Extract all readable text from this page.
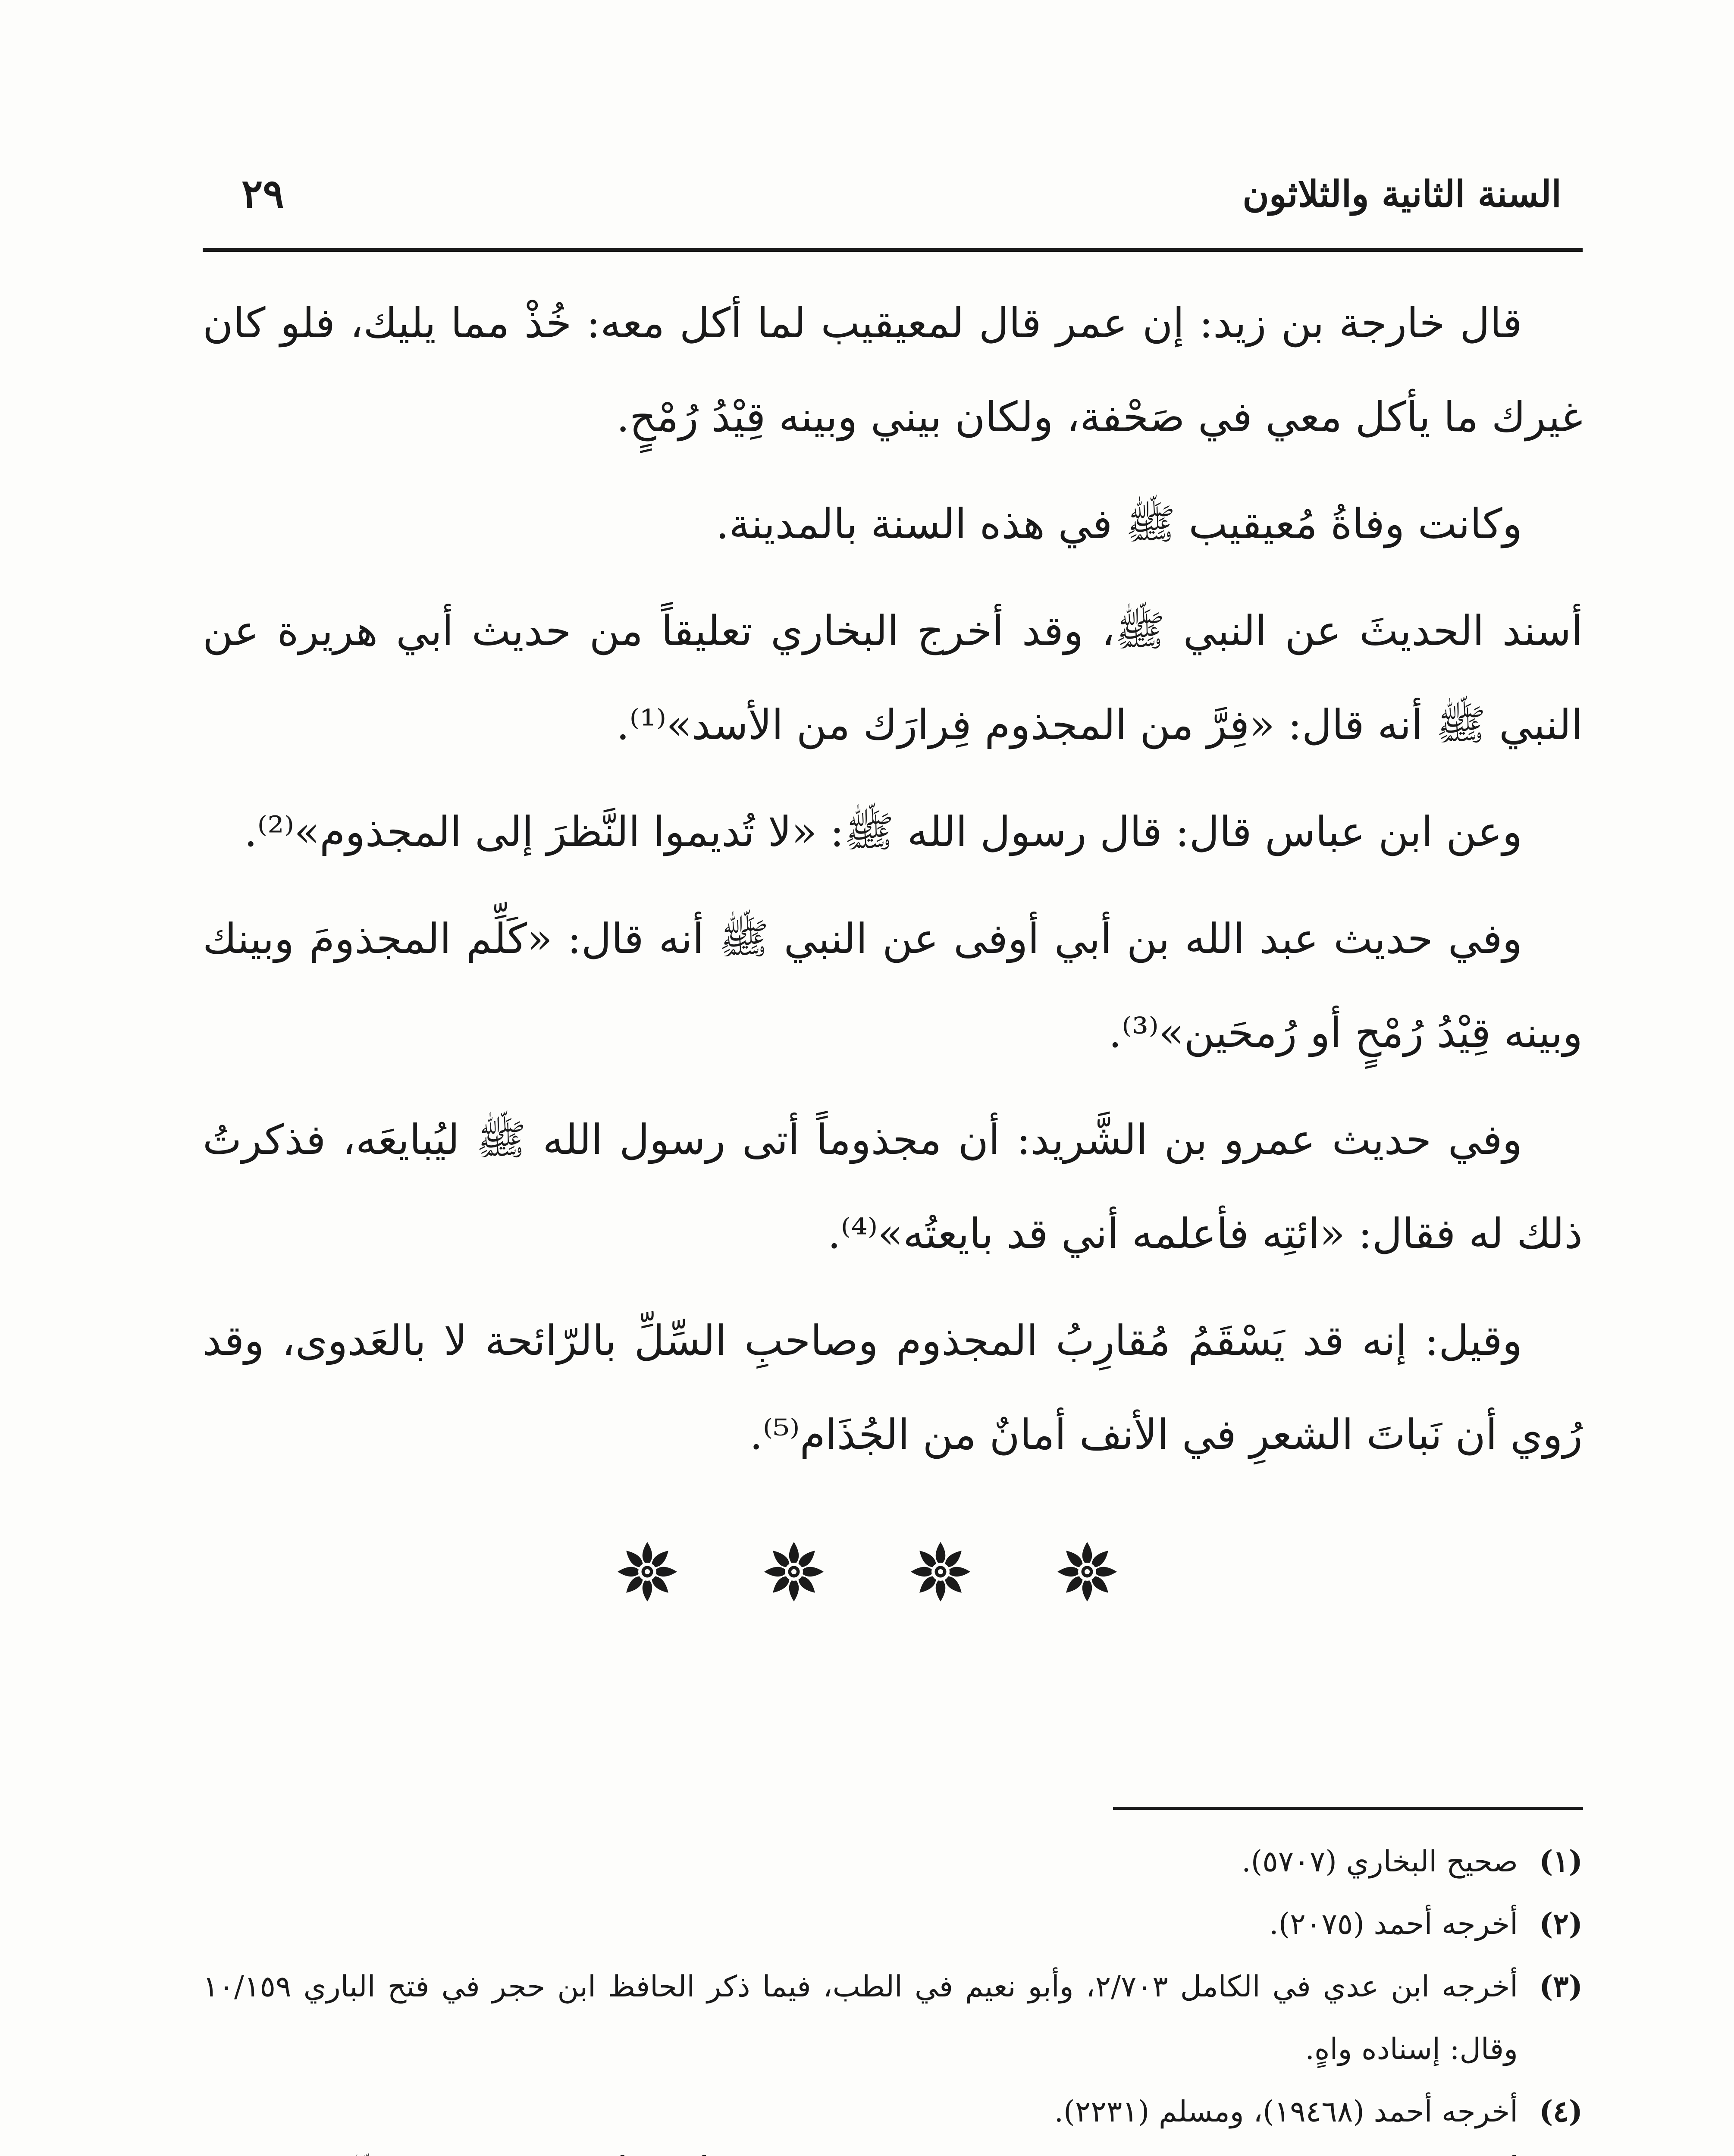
السنة الثانية والثلاثون
٢٩

قال خارجة بن زيد: إن عمر قال لمعيقيب لما أكل معه: خُذْ مما يليك، فلو كان غيرك ما يأكل معي في صَحْفة، ولكان بيني وبينه قِيْدُ رُمْحٍ.

وكانت وفاةُ مُعيقيب ﷺ في هذه السنة بالمدينة.

أسند الحديثَ عن النبي ﷺ، وقد أخرج البخاري تعليقاً من حديث أبي هريرة عن النبي ﷺ أنه قال: «فِرَّ من المجذوم فِرارَك من الأسد»⁽¹⁾.

وعن ابن عباس قال: قال رسول الله ﷺ: «لا تُديموا النَّظرَ إلى المجذوم»⁽²⁾.

وفي حديث عبد الله بن أبي أوفى عن النبي ﷺ أنه قال: «كَلِّم المجذومَ وبينك وبينه قِيْدُ رُمْحٍ أو رُمحَين»⁽³⁾.

وفي حديث عمرو بن الشَّريد: أن مجذوماً أتى رسول الله ﷺ ليُبايعَه، فذكرتُ ذلك له فقال: «ائتِه فأعلمه أني قد بايعتُه»⁽⁴⁾.

وقيل: إنه قد يَسْقَمُ مُقارِبُ المجذوم وصاحبِ السِّلِّ بالرّائحة لا بالعَدوى، وقد رُوي أن نَباتَ الشعرِ في الأنف أمانٌ من الجُذَام⁽⁵⁾.

(١)
صحيح البخاري (٥٧٠٧).

(٢)
أخرجه أحمد (٢٠٧٥).

(٣)
أخرجه ابن عدي في الكامل ٢/٧٠٣، وأبو نعيم في الطب، فيما ذكر الحافظ ابن حجر في فتح الباري ١٠/١٥٩ وقال: إسناده واهٍ.

(٤)
أخرجه أحمد (١٩٤٦٨)، ومسلم (٢٢٣١).
